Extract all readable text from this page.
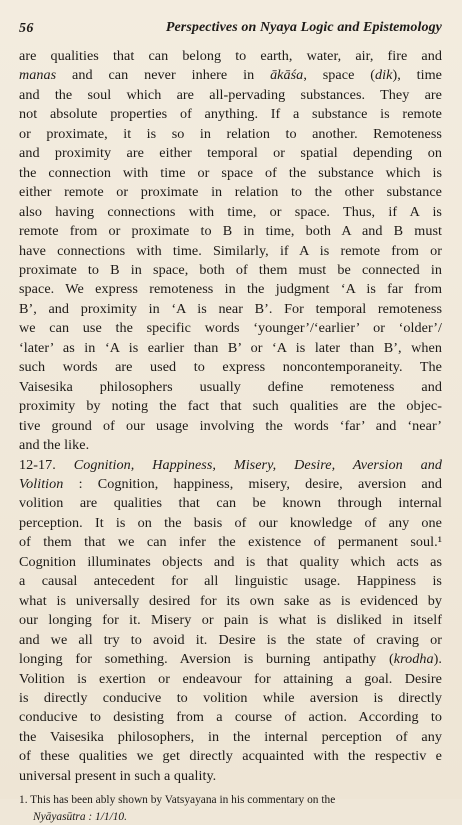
56	Perspectives on Nyaya Logic and Epistemology
are qualities that can belong to earth, water, air, fire and
manas and can never inhere in ākāśa, space (dik), time
and the soul which are all-pervading substances. They are
not absolute properties of anything. If a substance is remote
or proximate, it is so in relation to another. Remoteness
and proximity are either temporal or spatial depending on
the connection with time or space of the substance which is
either remote or proximate in relation to the other substance
also having connections with time, or space. Thus, if A is
remote from or proximate to B in time, both A and B must
have connections with time. Similarly, if A is remote from or
proximate to B in space, both of them must be connected in
space. We express remoteness in the judgment ‘A is far from
B’, and proximity in ‘A is near B’. For temporal remoteness
we can use the specific words ‘younger’/‘earlier’ or ‘older’/
‘later’ as in ‘A is earlier than B’ or ‘A is later than B’, when
such words are used to express noncontemporaneity. The
Vaisesika philosophers usually define remoteness and
proximity by noting the fact that such qualities are the objec-
tive ground of our usage involving the words ‘far’ and ‘near’
and the like.
12-17. Cognition, Happiness, Misery, Desire, Aversion and
Volition : Cognition, happiness, misery, desire, aversion and
volition are qualities that can be known through internal
perception. It is on the basis of our knowledge of any one
of them that we can infer the existence of permanent soul.¹
Cognition illuminates objects and is that quality which acts as
a causal antecedent for all linguistic usage. Happiness is
what is universally desired for its own sake as is evidenced by
our longing for it. Misery or pain is what is disliked in itself
and we all try to avoid it. Desire is the state of craving or
longing for something. Aversion is burning antipathy (krodha).
Volition is exertion or endeavour for attaining a goal. Desire
is directly conducive to volition while aversion is directly
conducive to desisting from a course of action. According to
the Vaisesika philosophers, in the internal perception of any
of these qualities we get directly acquainted with the respectiv e
universal present in such a quality.
1. This has been ably shown by Vatsyayana in his commentary on the
Nyāyasūtra : 1/1/10.
